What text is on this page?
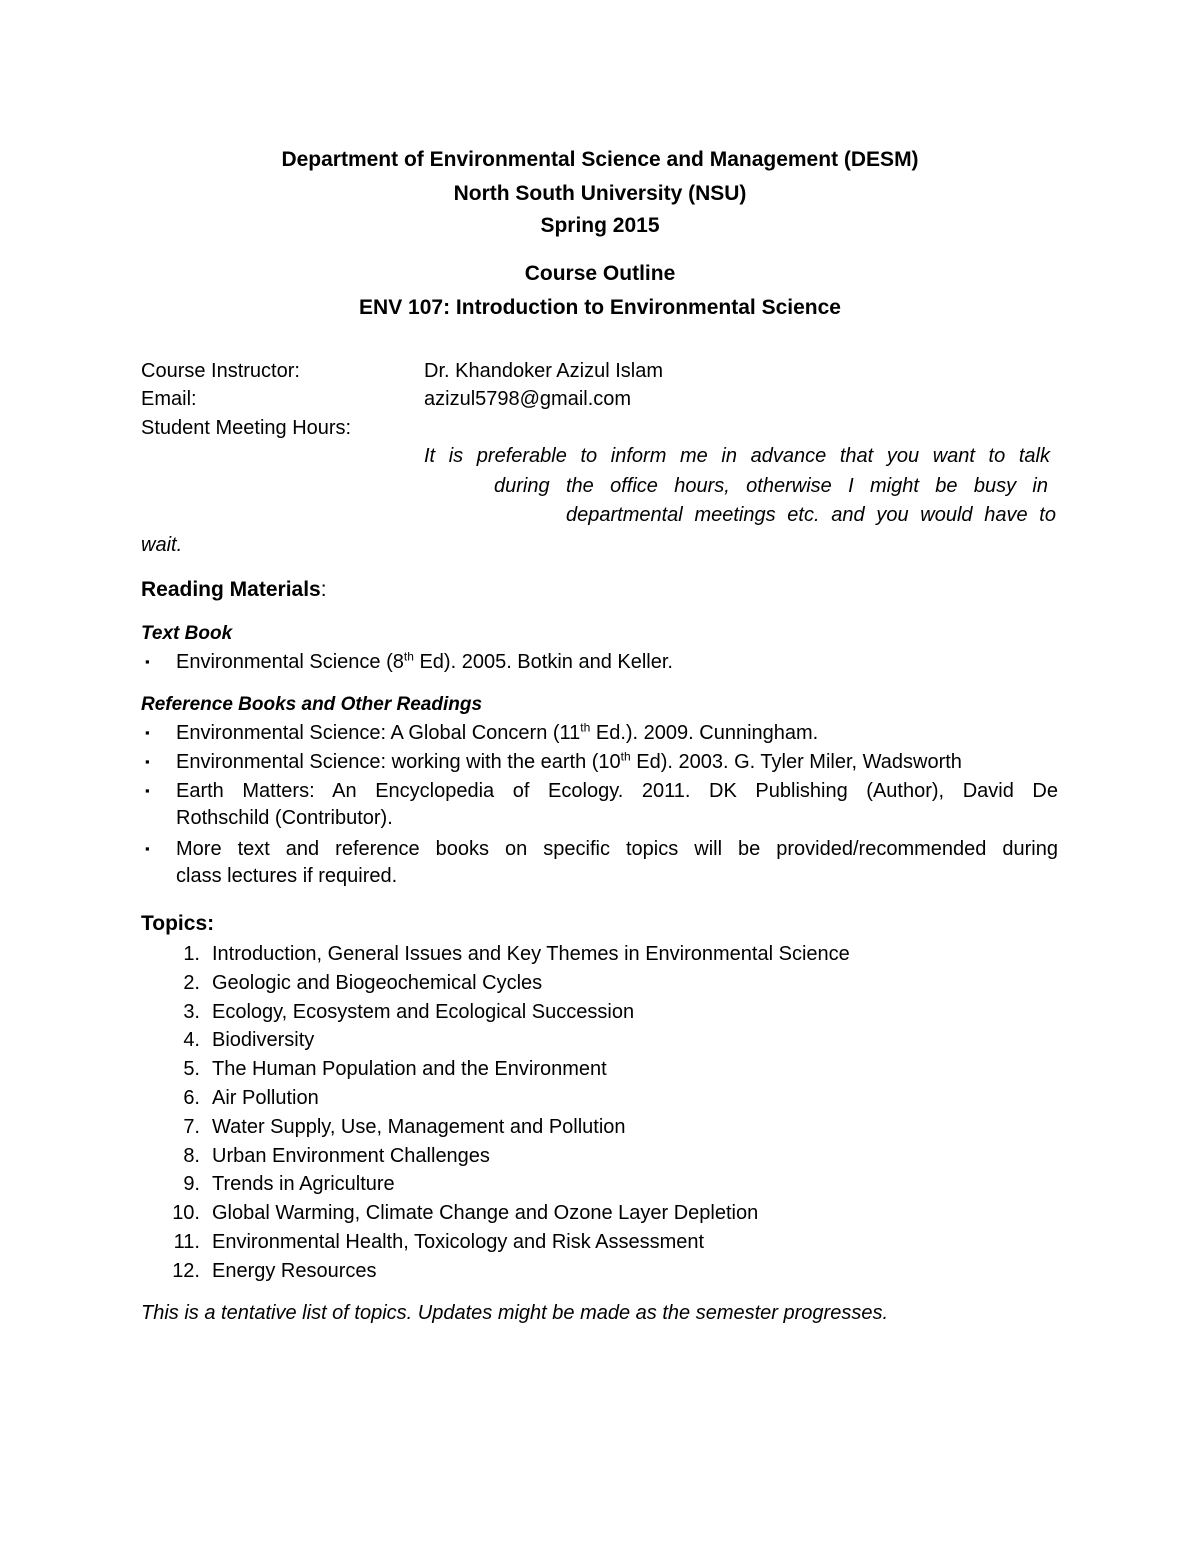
Department of Environmental Science and Management (DESM)
North South University (NSU)
Spring 2015
Course Outline
ENV 107: Introduction to Environmental Science
Course Instructor:	Dr. Khandoker Azizul Islam
Email:	azizul5798@gmail.com
Student Meeting Hours:
It is preferable to inform me in advance that you want to talk
during the office hours, otherwise I might be busy in
departmental meetings etc. and you would have to
wait.
Reading Materials:
Text Book
▪ Environmental Science (8th Ed). 2005. Botkin and Keller.
Reference Books and Other Readings
▪ Environmental Science: A Global Concern (11th Ed.). 2009. Cunningham.
▪ Environmental Science: working with the earth (10th Ed). 2003. G. Tyler Miler, Wadsworth
▪ Earth Matters: An Encyclopedia of Ecology. 2011. DK Publishing (Author), David De
Rothschild (Contributor).
▪ More text and reference books on specific topics will be provided/recommended during
class lectures if required.
Topics:
1. Introduction, General Issues and Key Themes in Environmental Science
2. Geologic and Biogeochemical Cycles
3. Ecology, Ecosystem and Ecological Succession
4. Biodiversity
5. The Human Population and the Environment
6. Air Pollution
7. Water Supply, Use, Management and Pollution
8. Urban Environment Challenges
9. Trends in Agriculture
10. Global Warming, Climate Change and Ozone Layer Depletion
11. Environmental Health, Toxicology and Risk Assessment
12. Energy Resources
This is a tentative list of topics. Updates might be made as the semester progresses.
